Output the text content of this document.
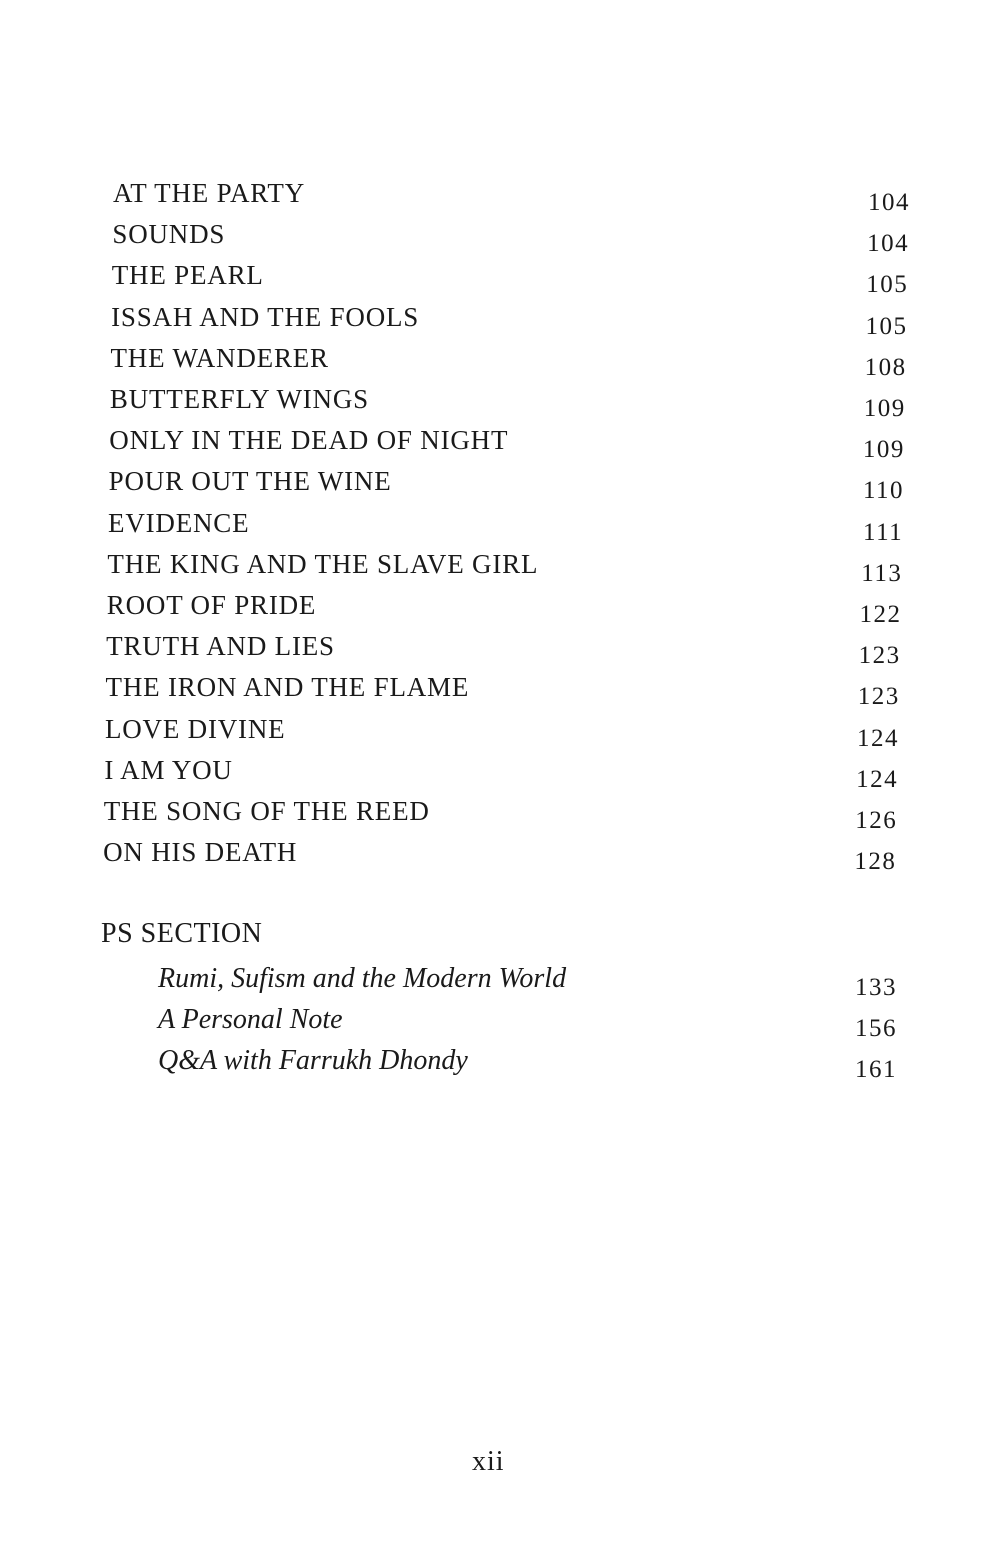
AT THE PARTY	104
SOUNDS	104
THE PEARL	105
ISSAH AND THE FOOLS	105
THE WANDERER	108
BUTTERFLY WINGS	109
ONLY IN THE DEAD OF NIGHT	109
POUR OUT THE WINE	110
EVIDENCE	111
THE KING AND THE SLAVE GIRL	113
ROOT OF PRIDE	122
TRUTH AND LIES	123
THE IRON AND THE FLAME	123
LOVE DIVINE	124
I AM YOU	124
THE SONG OF THE REED	126
ON HIS DEATH	128
PS SECTION
Rumi, Sufism and the Modern World	133
A Personal Note	156
Q&A with Farrukh Dhondy	161
xii
